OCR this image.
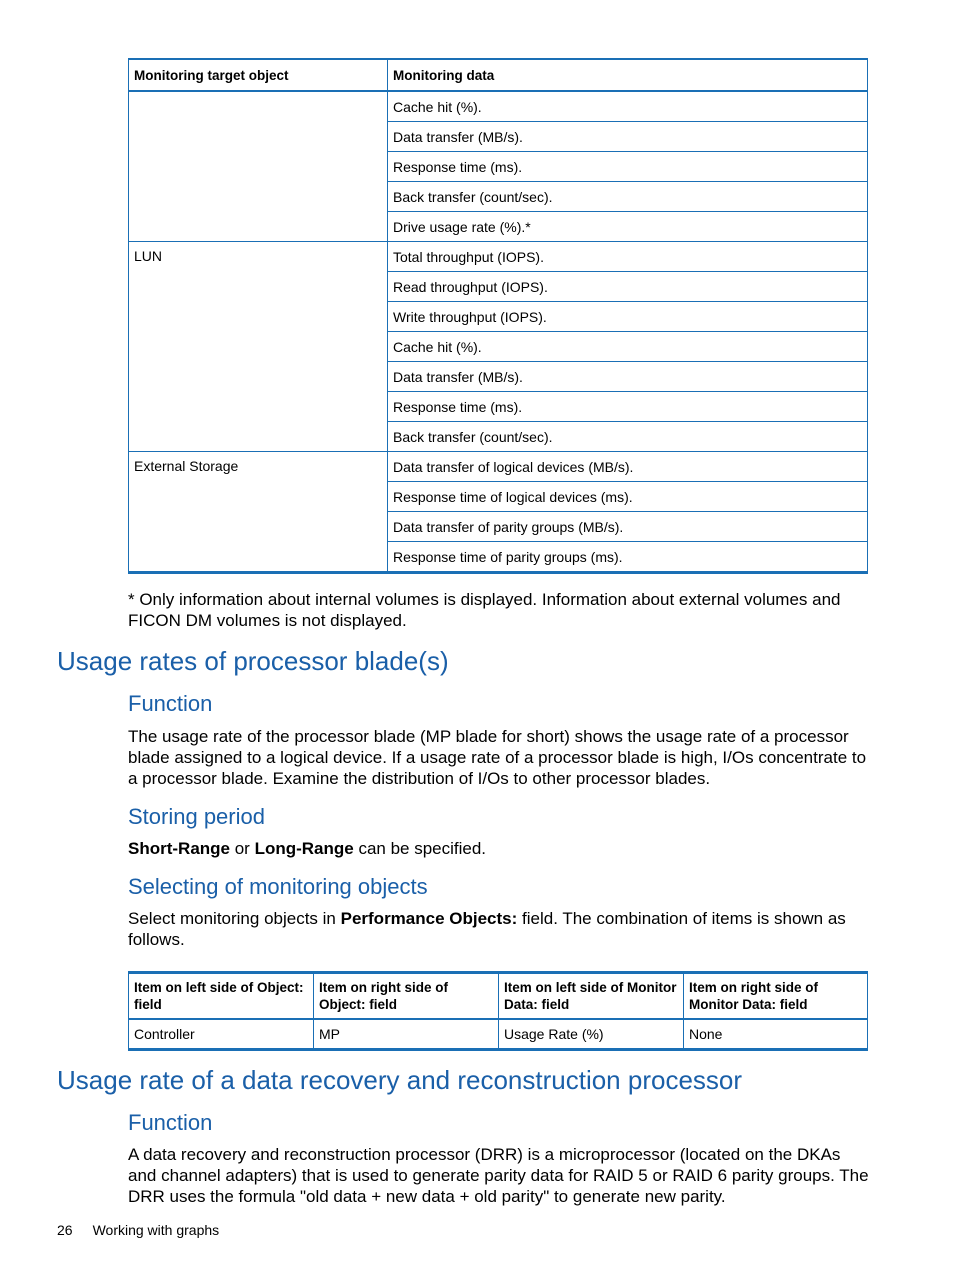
Monitoring target object	Monitoring data
	Cache hit (%).
	Data transfer (MB/s).
	Response time (ms).
	Back transfer (count/sec).
	Drive usage rate (%).*
LUN	Total throughput (IOPS).
	Read throughput (IOPS).
	Write throughput (IOPS).
	Cache hit (%).
	Data transfer (MB/s).
	Response time (ms).
	Back transfer (count/sec).
External Storage	Data transfer of logical devices (MB/s).
	Response time of logical devices (ms).
	Data transfer of parity groups (MB/s).
	Response time of parity groups (ms).
* Only information about internal volumes is displayed. Information about external volumes and FICON DM volumes is not displayed.
Usage rates of processor blade(s)
Function
The usage rate of the processor blade (MP blade for short) shows the usage rate of a processor blade assigned to a logical device. If a usage rate of a processor blade is high, I/Os concentrate to a processor blade. Examine the distribution of I/Os to other processor blades.
Storing period
Short-Range or Long-Range can be specified.
Selecting of monitoring objects
Select monitoring objects in Performance Objects: field. The combination of items is shown as follows.
Item on left side of Object: field	Item on right side of Object: field	Item on left side of Monitor Data: field	Item on right side of Monitor Data: field
Controller	MP	Usage Rate (%)	None
Usage rate of a data recovery and reconstruction processor
Function
A data recovery and reconstruction processor (DRR) is a microprocessor (located on the DKAs and channel adapters) that is used to generate parity data for RAID 5 or RAID 6 parity groups. The DRR uses the formula "old data + new data + old parity" to generate new parity.
26 Working with graphs
